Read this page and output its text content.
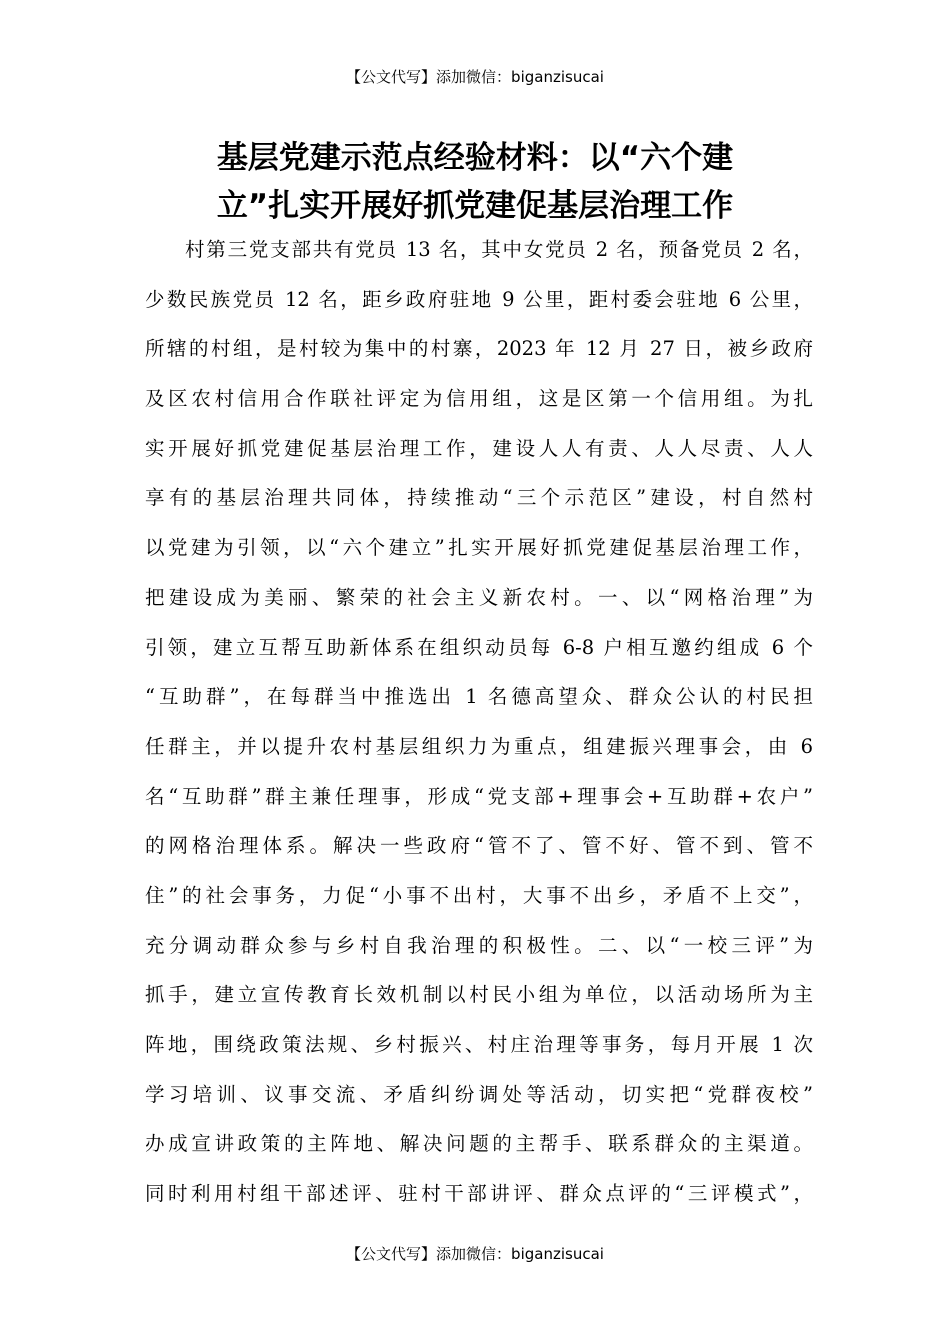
【公文代写】添加微信：biganzisucai
基层党建示范点经验材料：以“六个建
立”扎实开展好抓党建促基层治理工作
村第三党支部共有党员 13 名，其中女党员 2 名，预备党员 2 名，
少数民族党员 12 名，距乡政府驻地 9 公里，距村委会驻地 6 公里，
所辖的村组，是村较为集中的村寨，2023 年 12 月 27 日，被乡政府
及区农村信用合作联社评定为信用组，这是区第一个信用组。为扎
实开展好抓党建促基层治理工作，建设人人有责、人人尽责、人人
享有的基层治理共同体，持续推动“三个示范区”建设，村自然村
以党建为引领，以“六个建立”扎实开展好抓党建促基层治理工作，
把建设成为美丽、繁荣的社会主义新农村。一、以“网格治理”为
引领，建立互帮互助新体系在组织动员每 6-8 户相互邀约组成 6 个
“互助群”，在每群当中推选出 1 名德高望众、群众公认的村民担
任群主，并以提升农村基层组织力为重点，组建振兴理事会，由 6
名“互助群”群主兼任理事，形成“党支部+理事会+互助群+农户”
的网格治理体系。解决一些政府“管不了、管不好、管不到、管不
住”的社会事务，力促“小事不出村，大事不出乡，矛盾不上交”，
充分调动群众参与乡村自我治理的积极性。二、以“一校三评”为
抓手，建立宣传教育长效机制以村民小组为单位，以活动场所为主
阵地，围绕政策法规、乡村振兴、村庄治理等事务，每月开展 1 次
学习培训、议事交流、矛盾纠纷调处等活动，切实把“党群夜校”
办成宣讲政策的主阵地、解决问题的主帮手、联系群众的主渠道。
同时利用村组干部述评、驻村干部讲评、群众点评的“三评模式”，
【公文代写】添加微信：biganzisucai
